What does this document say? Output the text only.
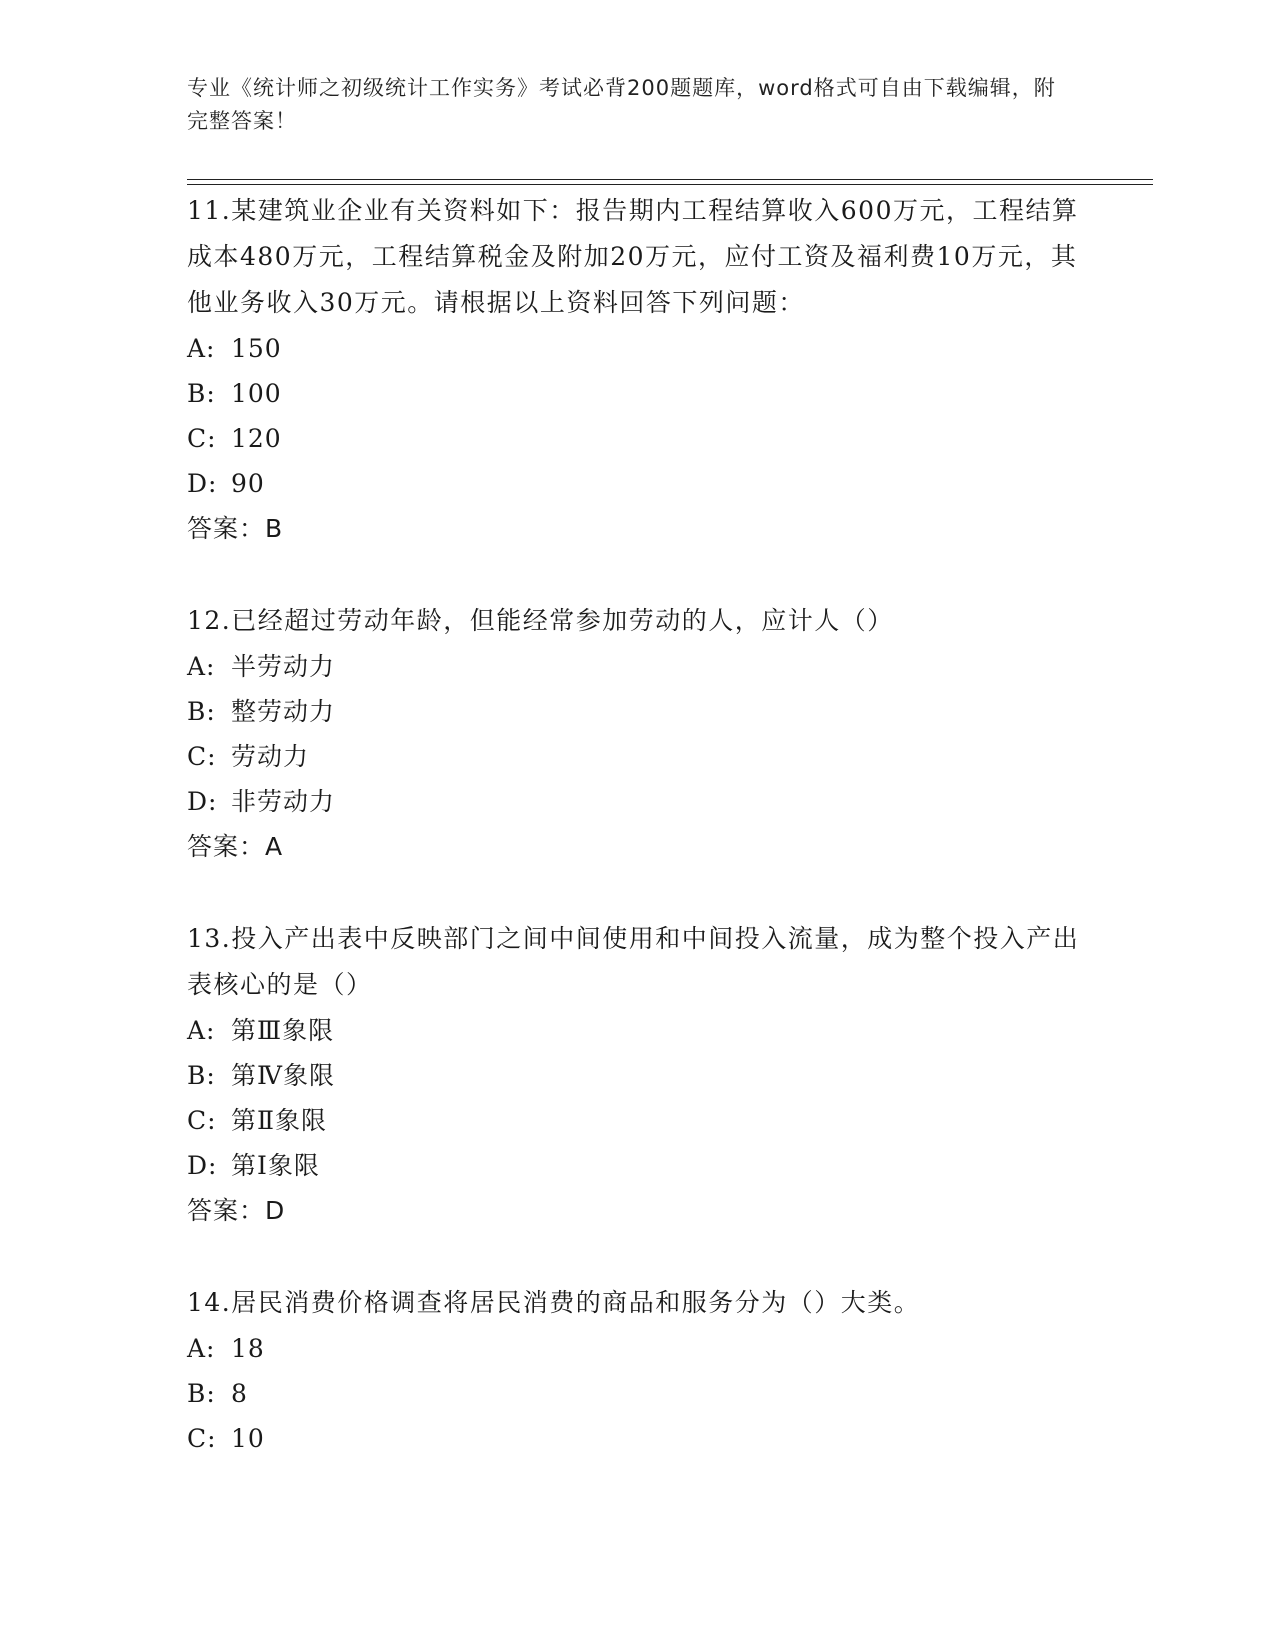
专业《统计师之初级统计工作实务》考试必背200题题库，word格式可自由下载编辑，附完整答案！

11.某建筑业企业有关资料如下：报告期内工程结算收入600万元，工程结算成本480万元，工程结算税金及附加20万元，应付工资及福利费10万元，其他业务收入30万元。请根据以上资料回答下列问题：

A: 150

B: 100

C: 120

D: 90

答案：B

12.已经超过劳动年龄，但能经常参加劳动的人，应计人（）

A: 半劳动力

B: 整劳动力

C: 劳动力

D: 非劳动力

答案：A

13.投入产出表中反映部门之间中间使用和中间投入流量，成为整个投入产出表核心的是（）

A: 第Ⅲ象限

B: 第Ⅳ象限

C: 第Ⅱ象限

D: 第Ⅰ象限

答案：D

14.居民消费价格调查将居民消费的商品和服务分为（）大类。

A: 18

B: 8

C: 10
